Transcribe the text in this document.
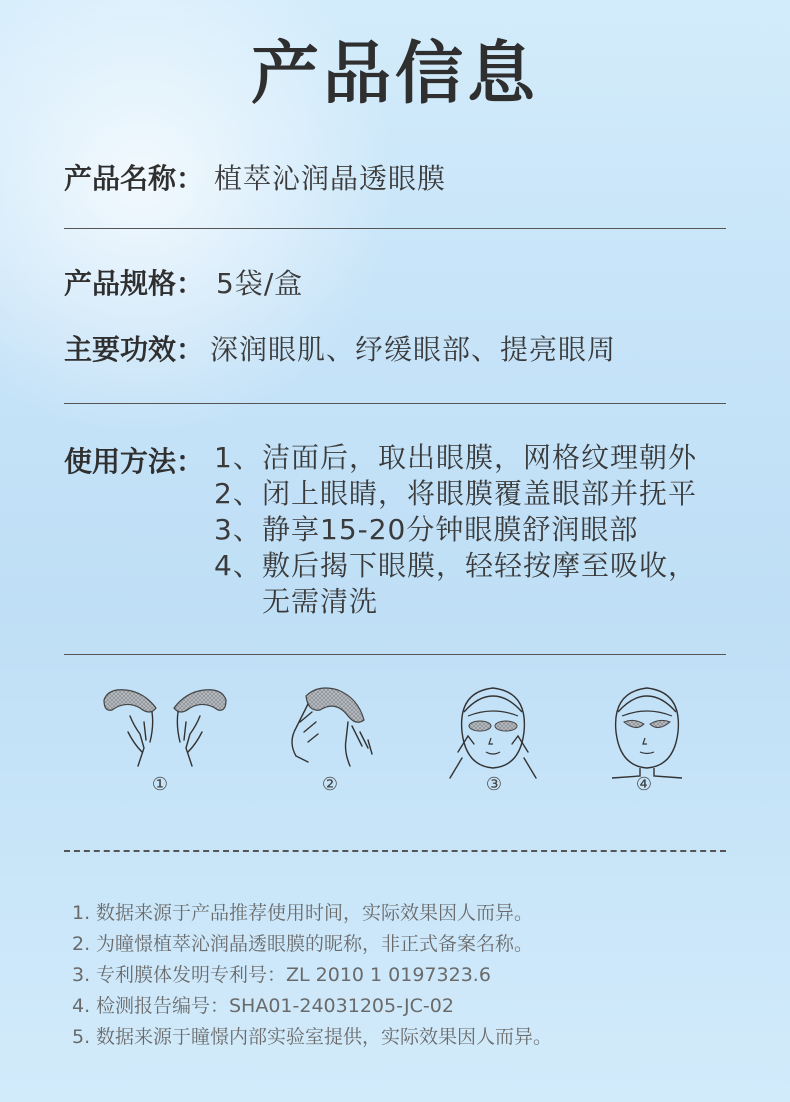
产品信息
产品名称： 植萃沁润晶透眼膜
产品规格： 5袋/盒
主要功效： 深润眼肌、纾缓眼部、提亮眼周
使用方法： 1、 洁面后，取出眼膜，网格纹理朝外
2、 闭上眼睛，将眼膜覆盖眼部并抚平
3、 静享15-20分钟眼膜舒润眼部
4、 敷后揭下眼膜，轻轻按摩至吸收，
无需清洗
①	②	③	④
1. 数据来源于产品推荐使用时间，实际效果因人而异。
2. 为瞳憬植萃沁润晶透眼膜的昵称，非正式备案名称。
3. 专利膜体发明专利号：ZL 2010 1 0197323.6
4. 检测报告编号：SHA01-24031205-JC-02
5. 数据来源于瞳憬内部实验室提供，实际效果因人而异。
